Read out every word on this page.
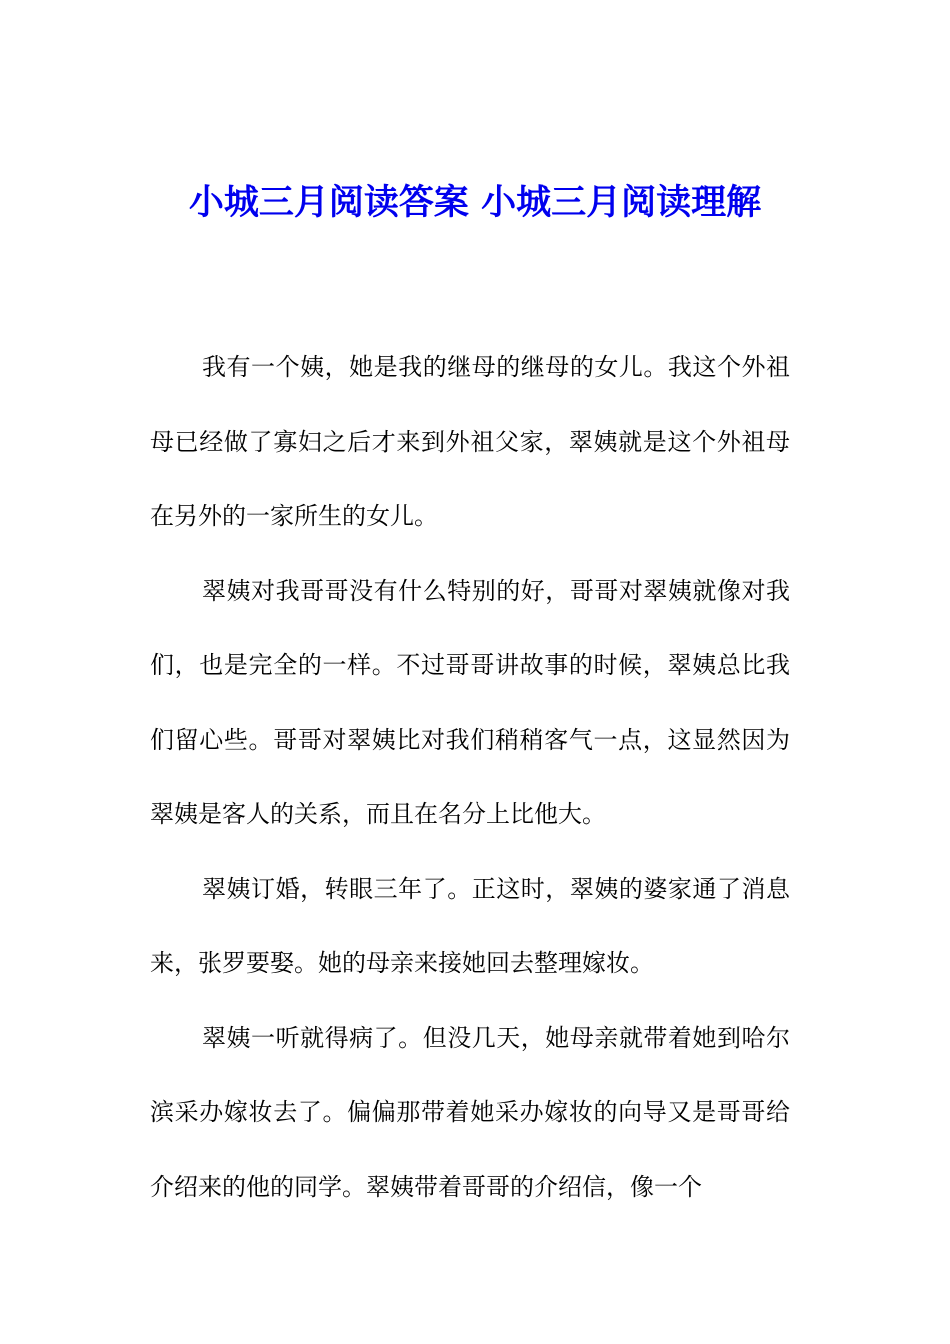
小城三月阅读答案 小城三月阅读理解

我有一个姨，她是我的继母的继母的女儿。我这个外祖母已经做了寡妇之后才来到外祖父家，翠姨就是这个外祖母在另外的一家所生的女儿。

翠姨对我哥哥没有什么特别的好，哥哥对翠姨就像对我们，也是完全的一样。不过哥哥讲故事的时候，翠姨总比我们留心些。哥哥对翠姨比对我们稍稍客气一点，这显然因为翠姨是客人的关系，而且在名分上比他大。

翠姨订婚，转眼三年了。正这时，翠姨的婆家通了消息来，张罗要娶。她的母亲来接她回去整理嫁妆。

翠姨一听就得病了。但没几天，她母亲就带着她到哈尔滨采办嫁妆去了。偏偏那带着她采办嫁妆的向导又是哥哥给介绍来的他的同学。翠姨带着哥哥的介绍信，像一个
